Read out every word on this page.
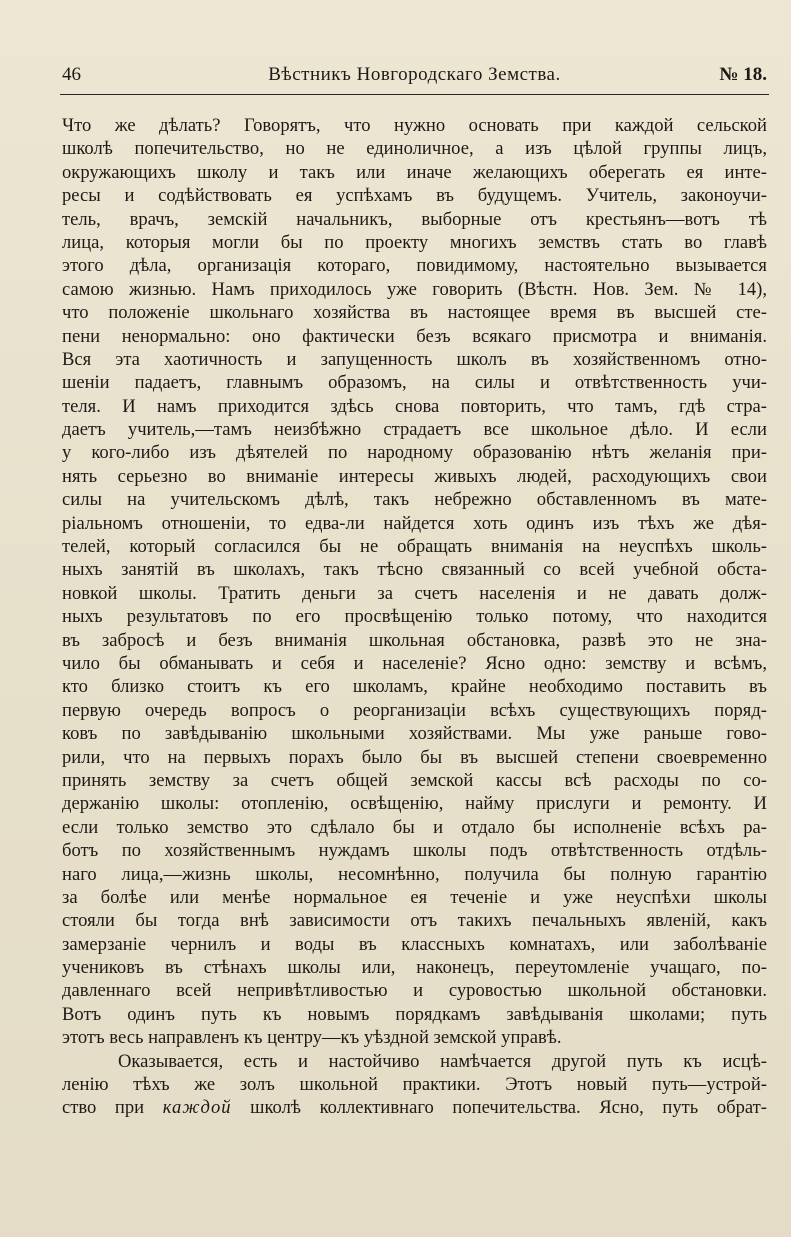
46	Вѣстникъ Новгородскаго Земства.	№ 18.
Что же дѣлать? Говорятъ, что нужно основать при каждой сельской
школѣ попечительство, но не единоличное, а изъ цѣлой группы лицъ,
окружающихъ школу и такъ или иначе желающихъ оберегать ея инте-
ресы и содѣйствовать ея успѣхамъ въ будущемъ. Учитель, законоучи-
тель, врачъ, земскій начальникъ, выборные отъ крестьянъ—вотъ тѣ
лица, которыя могли бы по проекту многихъ земствъ стать во главѣ
этого дѣла, организація котораго, повидимому, настоятельно вызывается
самою жизнью. Намъ приходилось уже говорить (Вѣстн. Нов. Зем. № 14),
что положеніе школьнаго хозяйства въ настоящее время въ высшей сте-
пени ненормально: оно фактически безъ всякаго присмотра и вниманія.
Вся эта хаотичность и запущенность школъ въ хозяйственномъ отно-
шеніи падаетъ, главнымъ образомъ, на силы и отвѣтственность учи-
теля. И намъ приходится здѣсь снова повторить, что тамъ, гдѣ стра-
даетъ учитель,—тамъ неизбѣжно страдаетъ все школьное дѣло. И если
у кого-либо изъ дѣятелей по народному образованію нѣтъ желанія при-
нять серьезно во вниманіе интересы живыхъ людей, расходующихъ свои
силы на учительскомъ дѣлѣ, такъ небрежно обставленномъ въ мате-
ріальномъ отношеніи, то едва-ли найдется хоть одинъ изъ тѣхъ же дѣя-
телей, который согласился бы не обращать вниманія на неуспѣхъ школь-
ныхъ занятій въ школахъ, такъ тѣсно связанный со всей учебной обста-
новкой школы. Тратить деньги за счетъ населенія и не давать долж-
ныхъ результатовъ по его просвѣщенію только потому, что находится
въ забросѣ и безъ вниманія школьная обстановка, развѣ это не зна-
чило бы обманывать и себя и населеніе? Ясно одно: земству и всѣмъ,
кто близко стоитъ къ его школамъ, крайне необходимо поставить въ
первую очередь вопросъ о реорганизаціи всѣхъ существующихъ поряд-
ковъ по завѣдыванію школьными хозяйствами. Мы уже раньше гово-
рили, что на первыхъ порахъ было бы въ высшей степени своевременно
принять земству за счетъ общей земской кассы всѣ расходы по со-
держанію школы: отопленію, освѣщенію, найму прислуги и ремонту. И
если только земство это сдѣлало бы и отдало бы исполненіе всѣхъ ра-
ботъ по хозяйственнымъ нуждамъ школы подъ отвѣтственность отдѣль-
наго лица,—жизнь школы, несомнѣнно, получила бы полную гарантію
за болѣе или менѣе нормальное ея теченіе и уже неуспѣхи школы
стояли бы тогда внѣ зависимости отъ такихъ печальныхъ явленій, какъ
замерзаніе чернилъ и воды въ классныхъ комнатахъ, или заболѣваніе
учениковъ въ стѣнахъ школы или, наконецъ, переутомленіе учащаго, по-
давленнаго всей непривѣтливостью и суровостью школьной обстановки.
Вотъ одинъ путь къ новымъ порядкамъ завѣдыванія школами; путь
этотъ весь направленъ къ центру—къ уѣздной земской управѣ.
Оказывается, есть и настойчиво намѣчается другой путь къ исцѣ-
ленію тѣхъ же золъ школьной практики. Этотъ новый путь—устрой-
ство при каждой школѣ коллективнаго попечительства. Ясно, путь обрат-
